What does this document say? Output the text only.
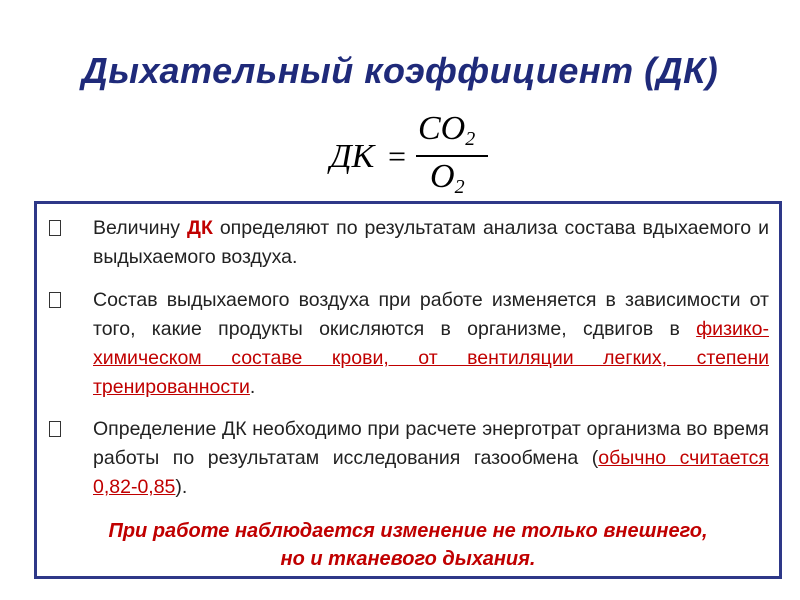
Дыхательный коэффициент (ДК)
ДК =
$CO_2$
$O_2$
Величину ДК определяют по результатам анализа состава вдыхаемого и выдыхаемого воздуха.
Состав выдыхаемого воздуха при работе изменяется в зависимости от того, какие продукты окисляются в организме, сдвигов в физико-химическом составе крови, от вентиляции легких, степени тренированности.
Определение ДК необходимо при расчете энерготрат организма во время работы по результатам исследования газообмена (обычно считается 0,82-0,85).
При работе наблюдается изменение не только внешнего,
но и тканевого дыхания.
